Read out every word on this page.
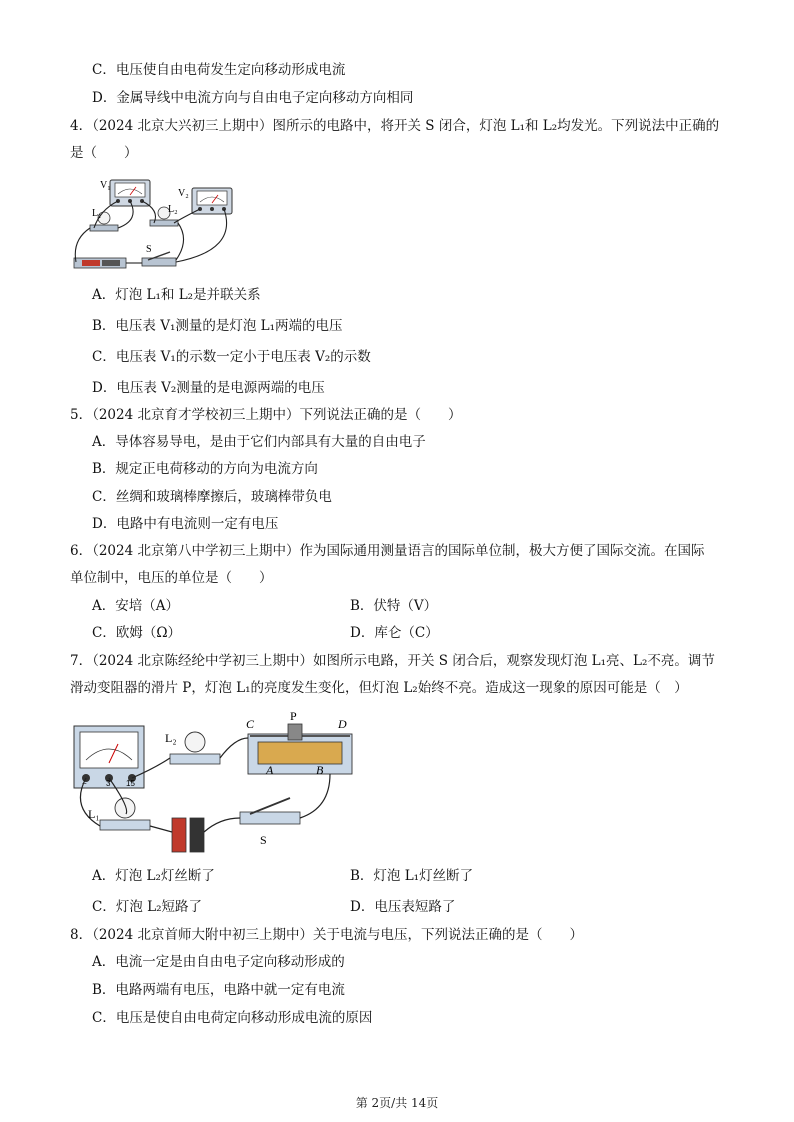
C．电压使自由电荷发生定向移动形成电流
D．金属导线中电流方向与自由电子定向移动方向相同
4．（2024 北京大兴初三上期中）图所示的电路中，将开关 S 闭合，灯泡 L₁和 L₂均发光。下列说法中正确的
是（　　）
V₁
V₂
L₁	L₂
S
A．灯泡 L₁和 L₂是并联关系
B．电压表 V₁测量的是灯泡 L₁两端的电压
C．电压表 V₁的示数一定小于电压表 V₂的示数
D．电压表 V₂测量的是电源两端的电压
5．（2024 北京育才学校初三上期中）下列说法正确的是（　　）
A．导体容易导电，是由于它们内部具有大量的自由电子
B．规定正电荷移动的方向为电流方向
C．丝绸和玻璃棒摩擦后，玻璃棒带负电
D．电路中有电流则一定有电压
6．（2024 北京第八中学初三上期中）作为国际通用测量语言的国际单位制，极大方便了国际交流。在国际
单位制中，电压的单位是（　　）
A．安培（A）	B．伏特（V）
C．欧姆（Ω）	D．库仑（C）
7．（2024 北京陈经纶中学初三上期中）如图所示电路，开关 S 闭合后，观察发现灯泡 L₁亮、L₂不亮。调节
滑动变阻器的滑片 P，灯泡 L₁的亮度发生变化，但灯泡 L₂始终不亮。造成这一现象的原因可能是（　）
− 3 15
L₂
L₁
C
P
D
A	B
S
A．灯泡 L₂灯丝断了	B．灯泡 L₁灯丝断了
C．灯泡 L₂短路了	D．电压表短路了
8．（2024 北京首师大附中初三上期中）关于电流与电压，下列说法正确的是（　　）
A．电流一定是由自由电子定向移动形成的
B．电路两端有电压，电路中就一定有电流
C．电压是使自由电荷定向移动形成电流的原因
第 2页/共 14页
